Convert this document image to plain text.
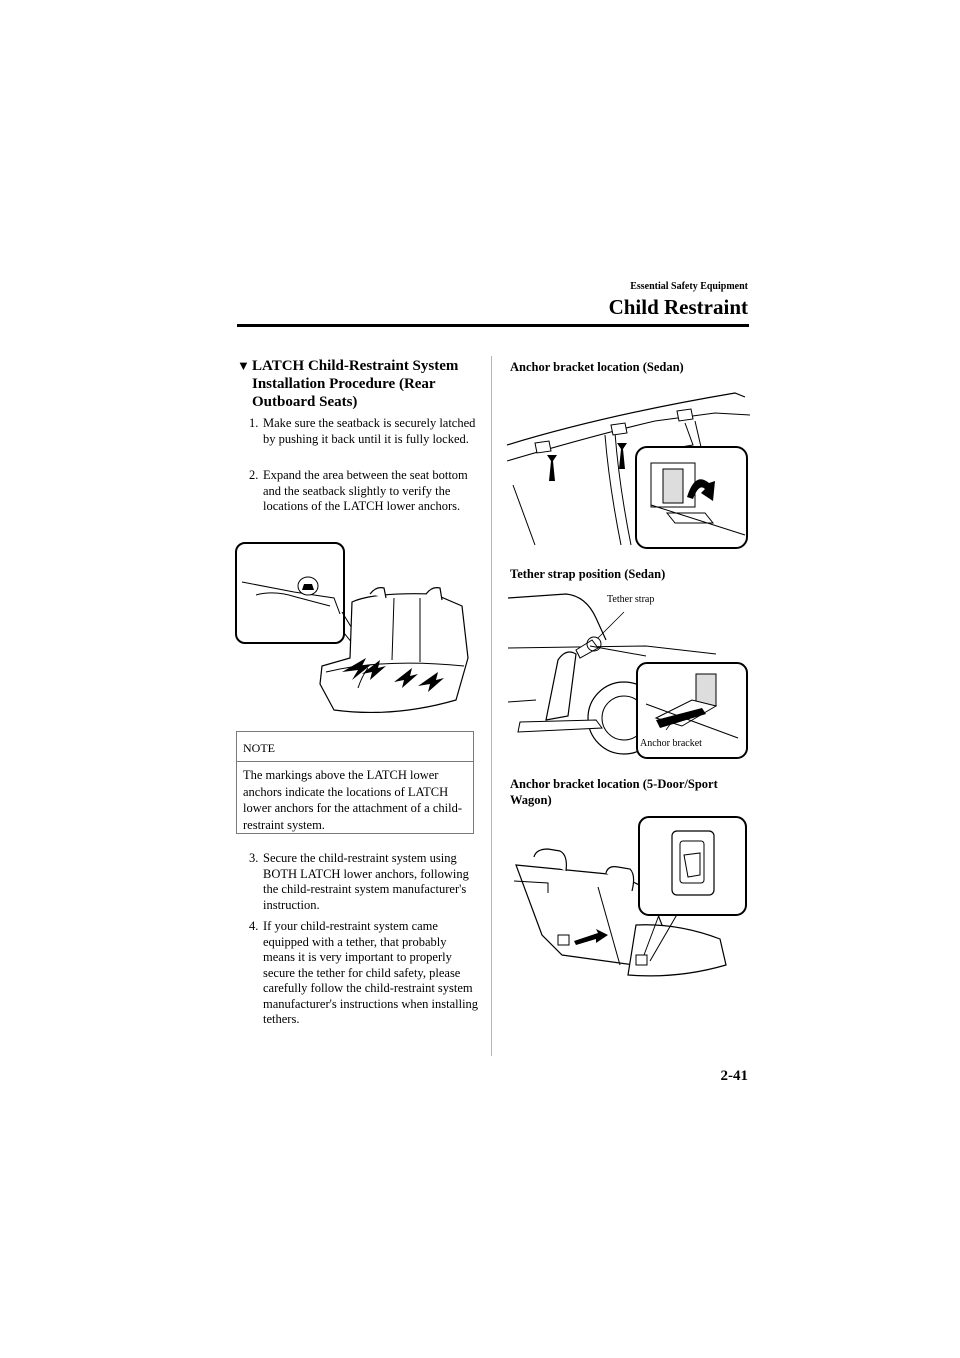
Essential Safety Equipment
Child Restraint
▼ LATCH Child-Restraint System Installation Procedure (Rear Outboard Seats)
1. Make sure the seatback is securely latched by pushing it back until it is fully locked.
2. Expand the area between the seat bottom and the seatback slightly to verify the locations of the LATCH lower anchors.
NOTE
The markings above the LATCH lower anchors indicate the locations of LATCH lower anchors for the attachment of a child-restraint system.
3. Secure the child-restraint system using BOTH LATCH lower anchors, following the child-restraint system manufacturer's instruction.
4. If your child-restraint system came equipped with a tether, that probably means it is very important to properly secure the tether for child safety, please carefully follow the child-restraint system manufacturer's instructions when installing tethers.
Anchor bracket location (Sedan)
Tether strap position (Sedan)
Tether strap
Anchor bracket
Anchor bracket location (5-Door/Sport Wagon)
2-41
